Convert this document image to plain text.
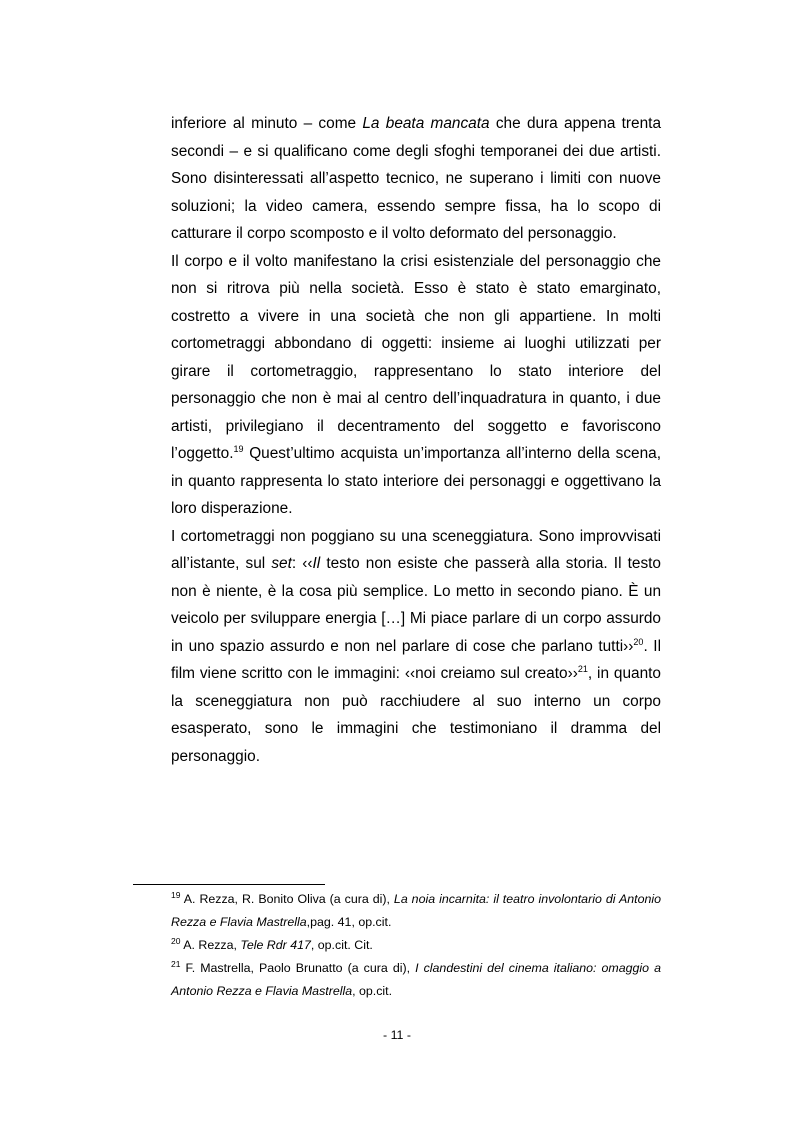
inferiore al minuto – come La beata mancata che dura appena trenta secondi – e si qualificano come degli sfoghi temporanei dei due artisti. Sono disinteressati all’aspetto tecnico, ne superano i limiti con nuove soluzioni; la video camera, essendo sempre fissa, ha lo scopo di catturare il corpo scomposto e il volto deformato del personaggio.

Il corpo e il volto manifestano la crisi esistenziale del personaggio che non si ritrova più nella società. Esso è stato è stato emarginato, costretto a vivere in una società che non gli appartiene. In molti cortometraggi abbondano di oggetti: insieme ai luoghi utilizzati per girare il cortometraggio, rappresentano lo stato interiore del personaggio che non è mai al centro dell’inquadratura in quanto, i due artisti, privilegiano il decentramento del soggetto e favoriscono l’oggetto.$^{19}$ Quest’ultimo acquista un’importanza all’interno della scena, in quanto rappresenta lo stato interiore dei personaggi e oggettivano la loro disperazione.

I cortometraggi non poggiano su una sceneggiatura. Sono improvvisati all’istante, sul set: ‹‹Il testo non esiste che passerà alla storia. Il testo non è niente, è la cosa più semplice. Lo metto in secondo piano. È un veicolo per sviluppare energia […] Mi piace parlare di un corpo assurdo in uno spazio assurdo e non nel parlare di cose che parlano tutti››$^{20}$. Il film viene scritto con le immagini: ‹‹noi creiamo sul creato››$^{21}$, in quanto la sceneggiatura non può racchiudere al suo interno un corpo esasperato, sono le immagini che testimoniano il dramma del personaggio.

$^{19}$ A. Rezza, R. Bonito Oliva (a cura di), La noia incarnita: il teatro involontario di Antonio Rezza e Flavia Mastrella,pag. 41, op.cit.

$^{20}$ A. Rezza, Tele Rdr 417, op.cit. Cit.

$^{21}$ F. Mastrella, Paolo Brunatto (a cura di), I clandestini del cinema italiano: omaggio a Antonio Rezza e Flavia Mastrella, op.cit.

- 11 -
